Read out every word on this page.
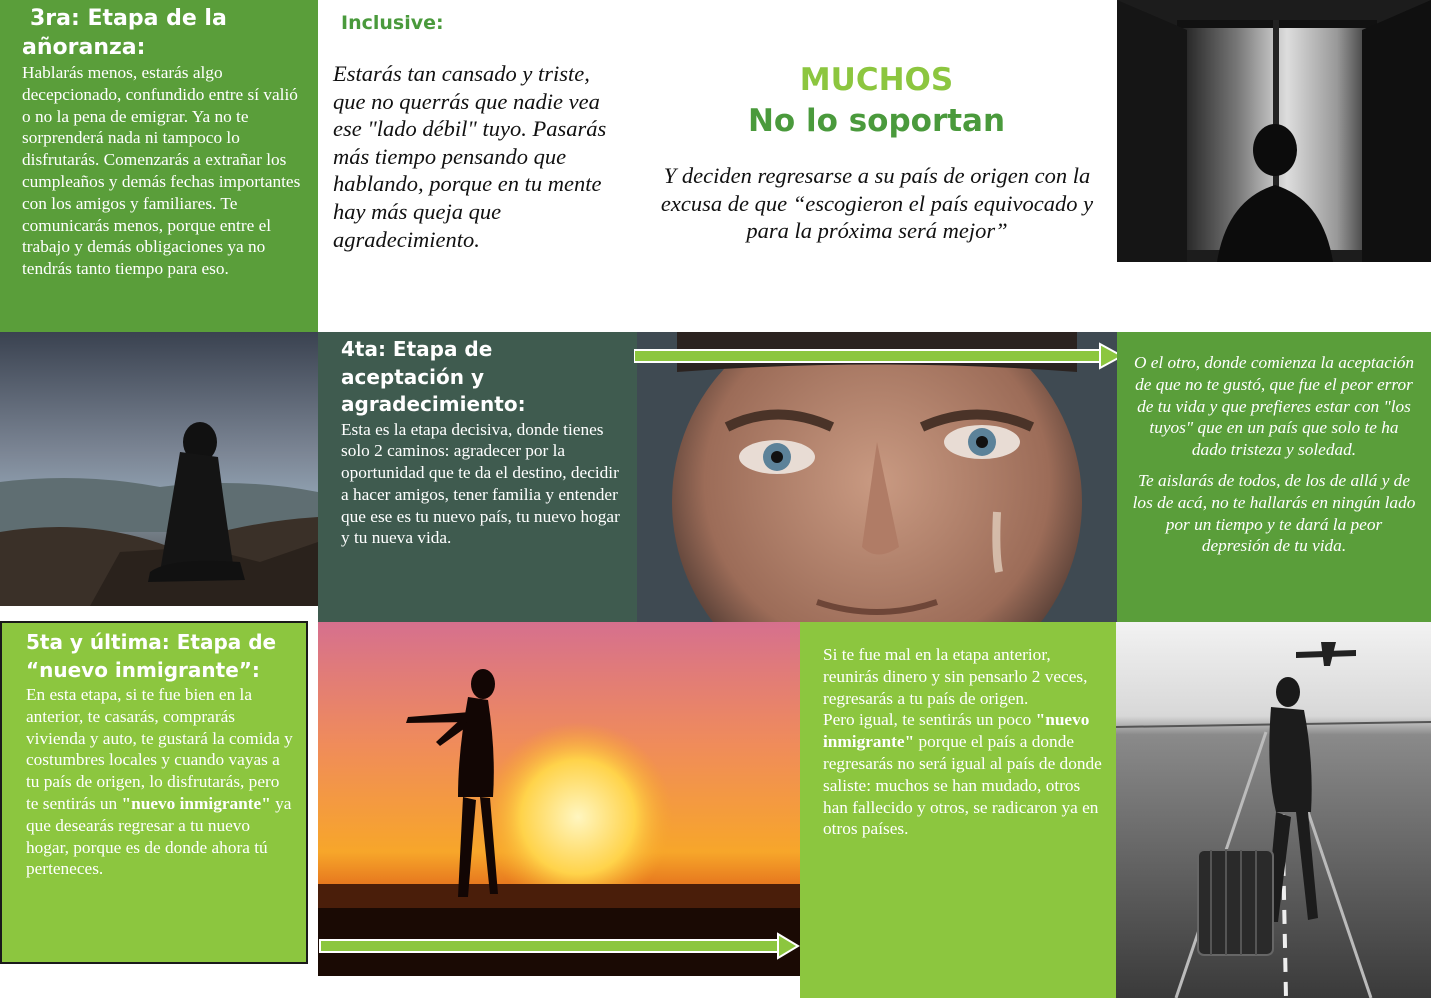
3ra: Etapa de la
añoranza:
Hablarás menos, estarás algo decepcionado, confundido entre sí valió o no la pena de emigrar. Ya no te sorprenderá nada ni tampoco lo disfrutarás. Comenzarás a extrañar los cumpleaños y demás fechas importantes con los amigos y familiares. Te comunicarás menos, porque entre el trabajo y demás obligaciones ya no tendrás tanto tiempo para eso.
Inclusive:
Estarás tan cansado y triste, que no querrás que nadie vea ese "lado débil" tuyo. Pasarás más tiempo pensando que hablando, porque en tu mente hay más queja que agradecimiento.
MUCHOS
No lo soportan
Y deciden regresarse a su país de origen con la excusa de que “escogieron el país equivocado y para la próxima será mejor”
4ta: Etapa de aceptación y agradecimiento:
Esta es la etapa decisiva, donde tienes solo 2 caminos: agradecer por la oportunidad que te da el destino, decidir a hacer amigos, tener familia y entender que ese es tu nuevo país, tu nuevo hogar y tu nueva vida.
O el otro, donde comienza la aceptación de que no te gustó, que fue el peor error de tu vida y que prefieres estar con "los tuyos" que en un país que solo te ha dado tristeza y soledad.
Te aislarás de todos, de los de allá y de los de acá, no te hallarás en ningún lado por un tiempo y te dará la peor depresión de tu vida.
5ta y última: Etapa de “nuevo inmigrante”:
En esta etapa, si te fue bien en la anterior, te casarás, comprarás vivienda y auto, te gustará la comida y costumbres locales y cuando vayas a tu país de origen, lo disfrutarás, pero te sentirás un "nuevo inmigrante" ya que desearás regresar a tu nuevo hogar, porque es de donde ahora tú perteneces.
Si te fue mal en la etapa anterior, reunirás dinero y sin pensarlo 2 veces, regresarás a tu país de origen.
Pero igual, te sentirás un poco "nuevo inmigrante" porque el país a donde regresarás no será igual al país de donde saliste: muchos se han mudado, otros han fallecido y otros, se radicaron ya en otros países.
